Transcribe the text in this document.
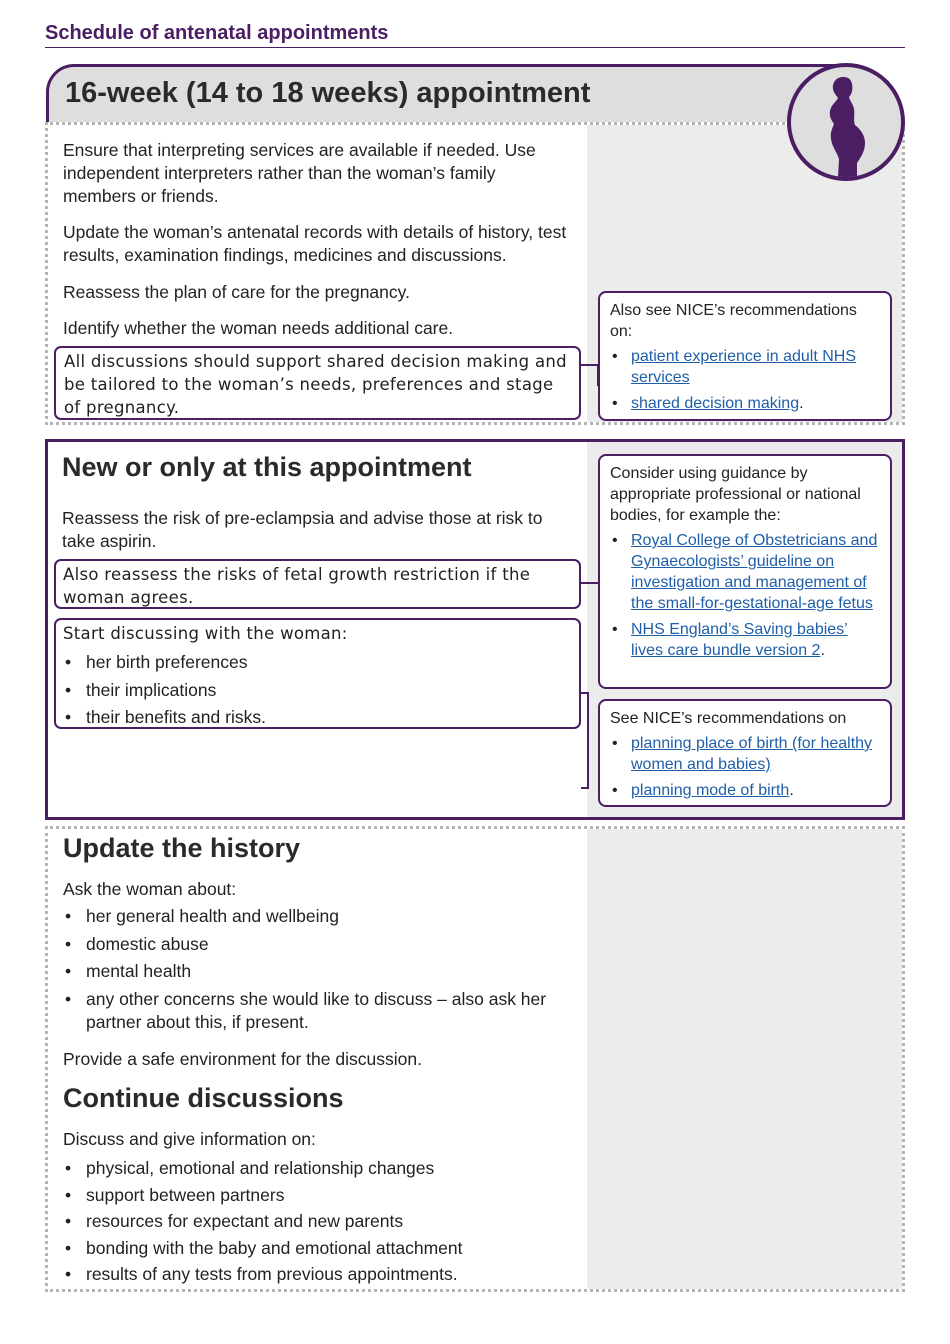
Schedule of antenatal appointments
16-week (14 to 18 weeks) appointment
Ensure that interpreting services are available if needed. Use independent interpreters rather than the woman’s family members or friends.
Update the woman’s antenatal records with details of history, test results, examination findings, medicines and discussions.
Reassess the plan of care for the pregnancy.
Identify whether the woman needs additional care.
All discussions should support shared decision making and be tailored to the woman’s needs, preferences and stage of pregnancy.
Also see NICE’s recommendations on:
• patient experience in adult NHS services
• shared decision making.
New or only at this appointment
Reassess the risk of pre-eclampsia and advise those at risk to take aspirin.
Also reassess the risks of fetal growth restriction if the woman agrees.
Start discussing with the woman:
• her birth preferences
• their implications
• their benefits and risks.
Consider using guidance by appropriate professional or national bodies, for example the:
• Royal College of Obstetricians and Gynaecologists’ guideline on investigation and management of the small-for-gestational-age fetus
• NHS England’s Saving babies’ lives care bundle version 2.
See NICE’s recommendations on
• planning place of birth (for healthy women and babies)
• planning mode of birth.
Update the history
Ask the woman about:
• her general health and wellbeing
• domestic abuse
• mental health
• any other concerns she would like to discuss – also ask her partner about this, if present.
Provide a safe environment for the discussion.
Continue discussions
Discuss and give information on:
• physical, emotional and relationship changes
• support between partners
• resources for expectant and new parents
• bonding with the baby and emotional attachment
• results of any tests from previous appointments.
